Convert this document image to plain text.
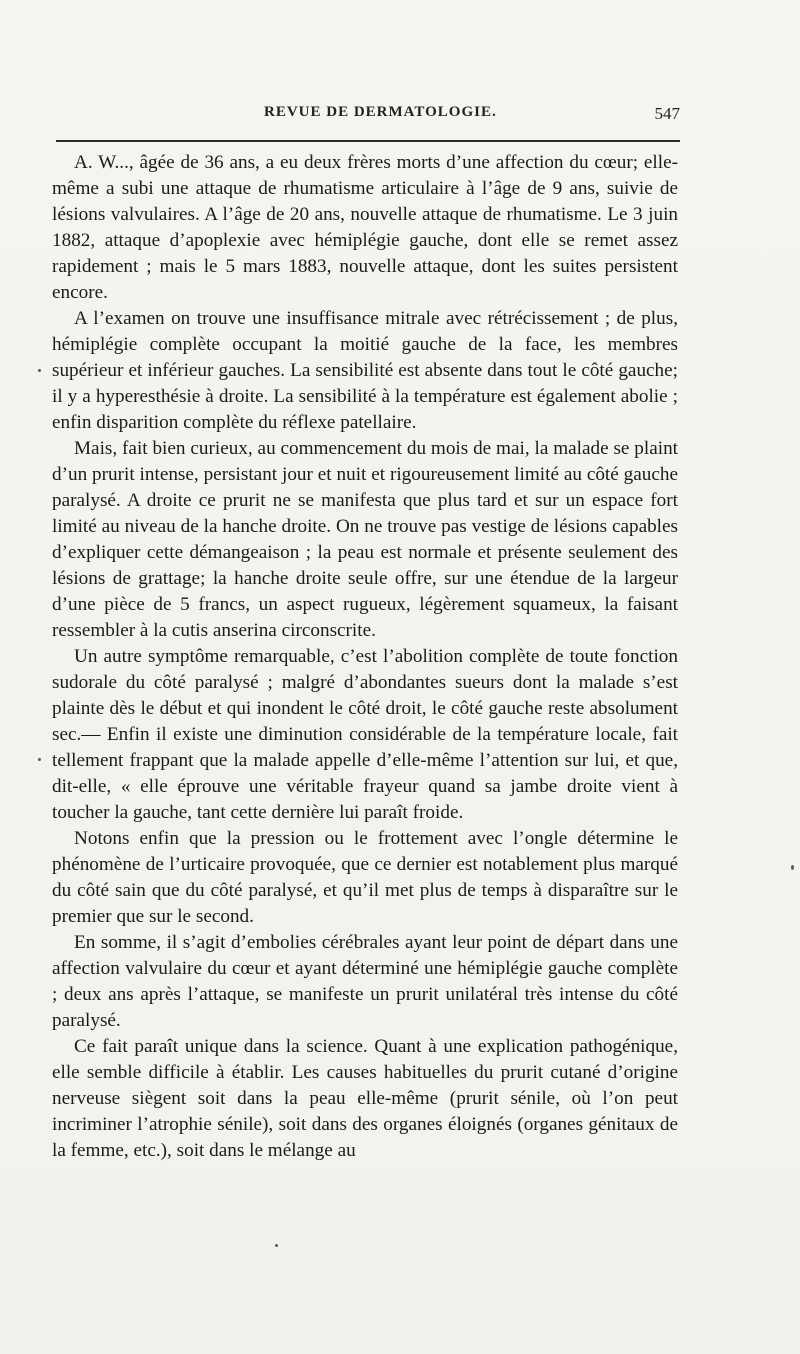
REVUE DE DERMATOLOGIE.	547

A. W..., âgée de 36 ans, a eu deux frères morts d’une affection du cœur; elle-même a subi une attaque de rhumatisme articulaire à l’âge de 9 ans, suivie de lésions valvulaires. A l’âge de 20 ans, nouvelle attaque de rhumatisme. Le 3 juin 1882, attaque d’apoplexie avec hémiplégie gauche, dont elle se remet assez rapidement ; mais le 5 mars 1883, nouvelle attaque, dont les suites persistent encore.

A l’examen on trouve une insuffisance mitrale avec rétrécissement ; de plus, hémiplégie complète occupant la moitié gauche de la face, les membres supérieur et inférieur gauches. La sensibilité est absente dans tout le côté gauche; il y a hyperesthésie à droite. La sensibilité à la température est également abolie ; enfin disparition complète du réflexe patellaire.

Mais, fait bien curieux, au commencement du mois de mai, la malade se plaint d’un prurit intense, persistant jour et nuit et rigoureusement limité au côté gauche paralysé. A droite ce prurit ne se manifesta que plus tard et sur un espace fort limité au niveau de la hanche droite. On ne trouve pas vestige de lésions capables d’expliquer cette démangeaison ; la peau est normale et présente seulement des lésions de grattage; la hanche droite seule offre, sur une étendue de la largeur d’une pièce de 5 francs, un aspect rugueux, légèrement squameux, la faisant ressembler à la cutis anserina circonscrite.

Un autre symptôme remarquable, c’est l’abolition complète de toute fonction sudorale du côté paralysé ; malgré d’abondantes sueurs dont la malade s’est plainte dès le début et qui inondent le côté droit, le côté gauche reste absolument sec.— Enfin il existe une diminution considérable de la température locale, fait tellement frappant que la malade appelle d’elle-même l’attention sur lui, et que, dit-elle, « elle éprouve une véritable frayeur quand sa jambe droite vient à toucher la gauche, tant cette dernière lui paraît froide.

Notons enfin que la pression ou le frottement avec l’ongle détermine le phénomène de l’urticaire provoquée, que ce dernier est notablement plus marqué du côté sain que du côté paralysé, et qu’il met plus de temps à disparaître sur le premier que sur le second.

En somme, il s’agit d’embolies cérébrales ayant leur point de départ dans une affection valvulaire du cœur et ayant déterminé une hémiplégie gauche complète ; deux ans après l’attaque, se manifeste un prurit unilatéral très intense du côté paralysé.

Ce fait paraît unique dans la science. Quant à une explication pathogénique, elle semble difficile à établir. Les causes habituelles du prurit cutané d’origine nerveuse siègent soit dans la peau elle-même (prurit sénile, où l’on peut incriminer l’atrophie sénile), soit dans des organes éloignés (organes génitaux de la femme, etc.), soit dans le mélange au
